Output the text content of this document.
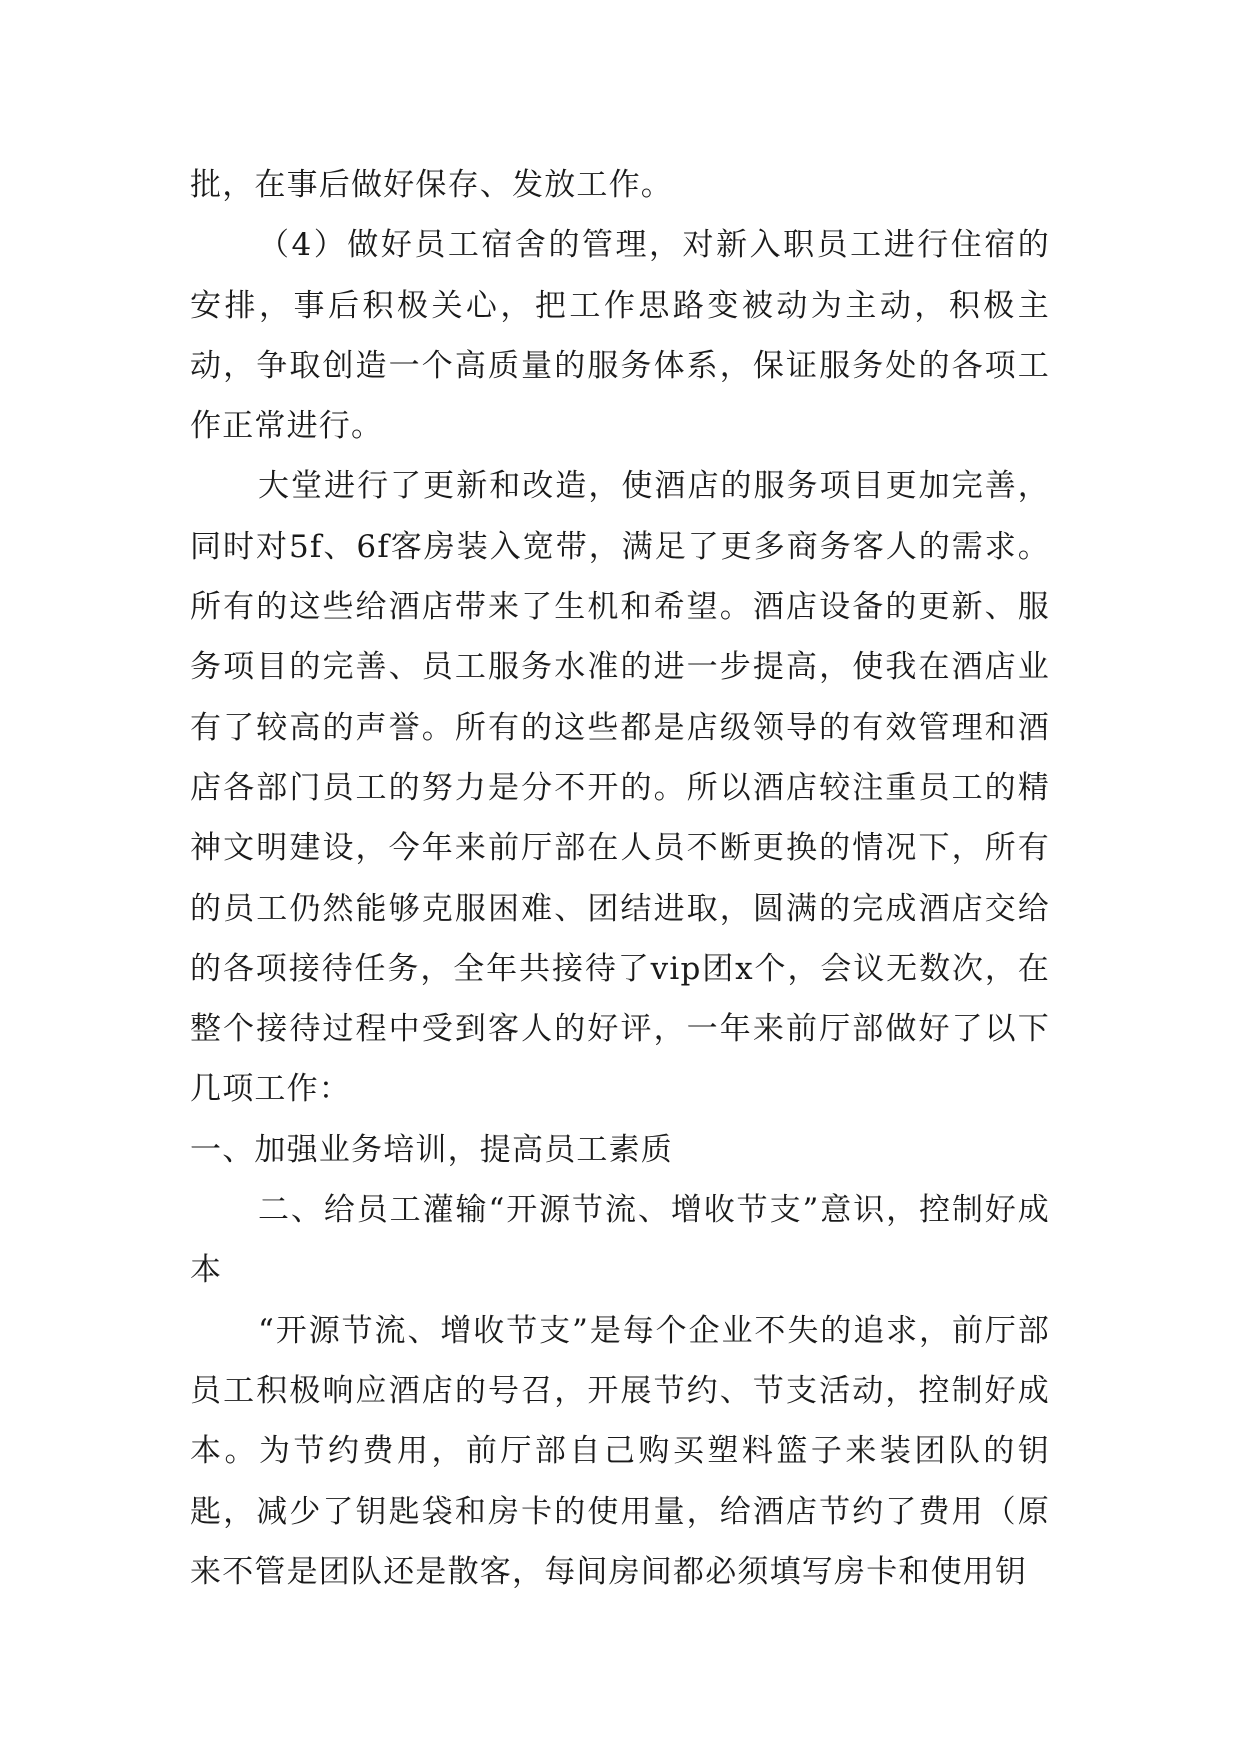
批，在事后做好保存、发放工作。

（4）做好员工宿舍的管理，对新入职员工进行住宿的安排，事后积极关心，把工作思路变被动为主动，积极主动，争取创造一个高质量的服务体系，保证服务处的各项工作正常进行。

大堂进行了更新和改造，使酒店的服务项目更加完善，同时对5f、6f客房装入宽带，满足了更多商务客人的需求。所有的这些给酒店带来了生机和希望。酒店设备的更新、服务项目的完善、员工服务水准的进一步提高，使我在酒店业有了较高的声誉。所有的这些都是店级领导的有效管理和酒店各部门员工的努力是分不开的。所以酒店较注重员工的精神文明建设，今年来前厅部在人员不断更换的情况下，所有的员工仍然能够克服困难、团结进取，圆满的完成酒店交给的各项接待任务，全年共接待了vip团x个，会议无数次，在整个接待过程中受到客人的好评，一年来前厅部做好了以下几项工作：

一、加强业务培训，提高员工素质

二、给员工灌输“开源节流、增收节支”意识，控制好成本

“开源节流、增收节支”是每个企业不失的追求，前厅部员工积极响应酒店的号召，开展节约、节支活动，控制好成本。为节约费用，前厅部自己购买塑料篮子来装团队的钥匙，减少了钥匙袋和房卡的使用量，给酒店节约了费用（原来不管是团队还是散客，每间房间都必须填写房卡和使用钥
